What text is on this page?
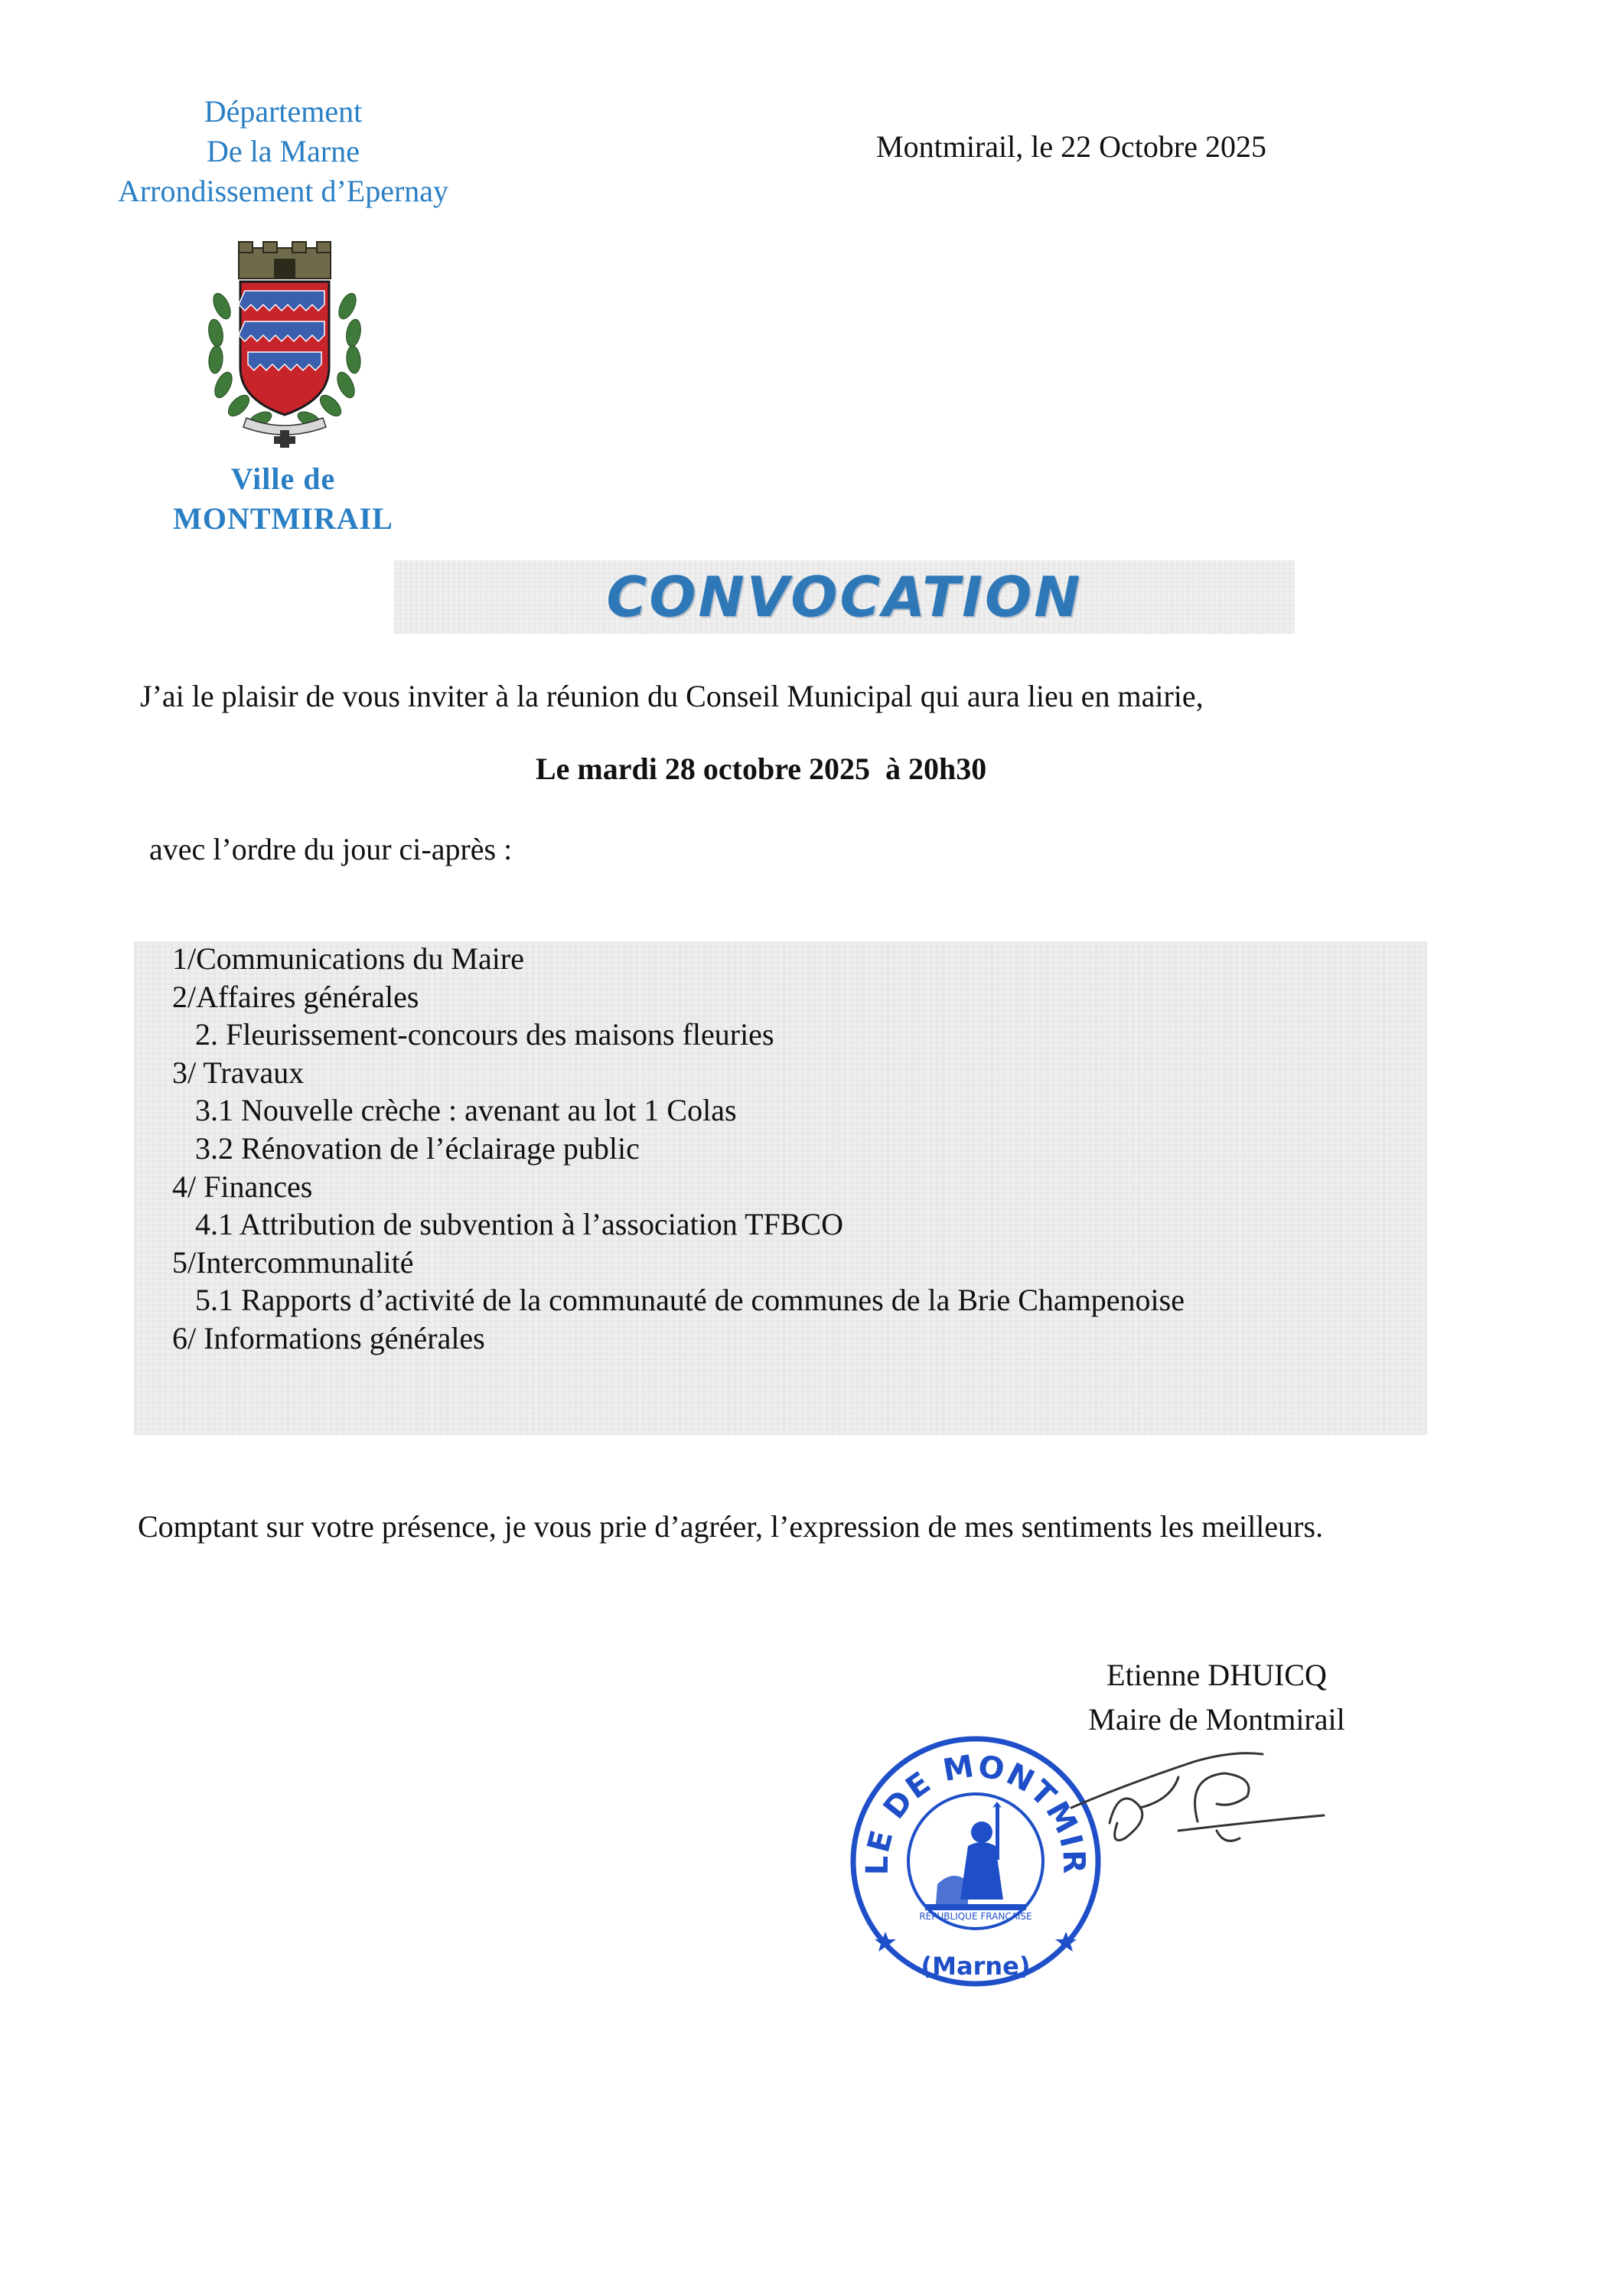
Département
De la Marne
Arrondissement d’Epernay
Ville de
MONTMIRAIL
Montmirail, le 22 Octobre 2025
CONVOCATION
J’ai le plaisir de vous inviter à la réunion du Conseil Municipal qui aura lieu en mairie,
Le mardi 28 octobre 2025  à 20h30
avec l’ordre du jour ci-après :
1/Communications du Maire
2/Affaires générales
2. Fleurissement-concours des maisons fleuries
3/ Travaux
3.1 Nouvelle crèche : avenant au lot 1 Colas
3.2 Rénovation de l’éclairage public
4/ Finances
4.1 Attribution de subvention à l’association TFBCO
5/Intercommunalité
5.1 Rapports d’activité de la communauté de communes de la Brie Champenoise
6/ Informations générales
Comptant sur votre présence, je vous prie d’agréer, l’expression de mes sentiments les meilleurs.
Etienne DHUICQ
Maire de Montmirail
LE DE MONTMIR
(Marne)
RÉPUBLIQUE FRANÇAISE
